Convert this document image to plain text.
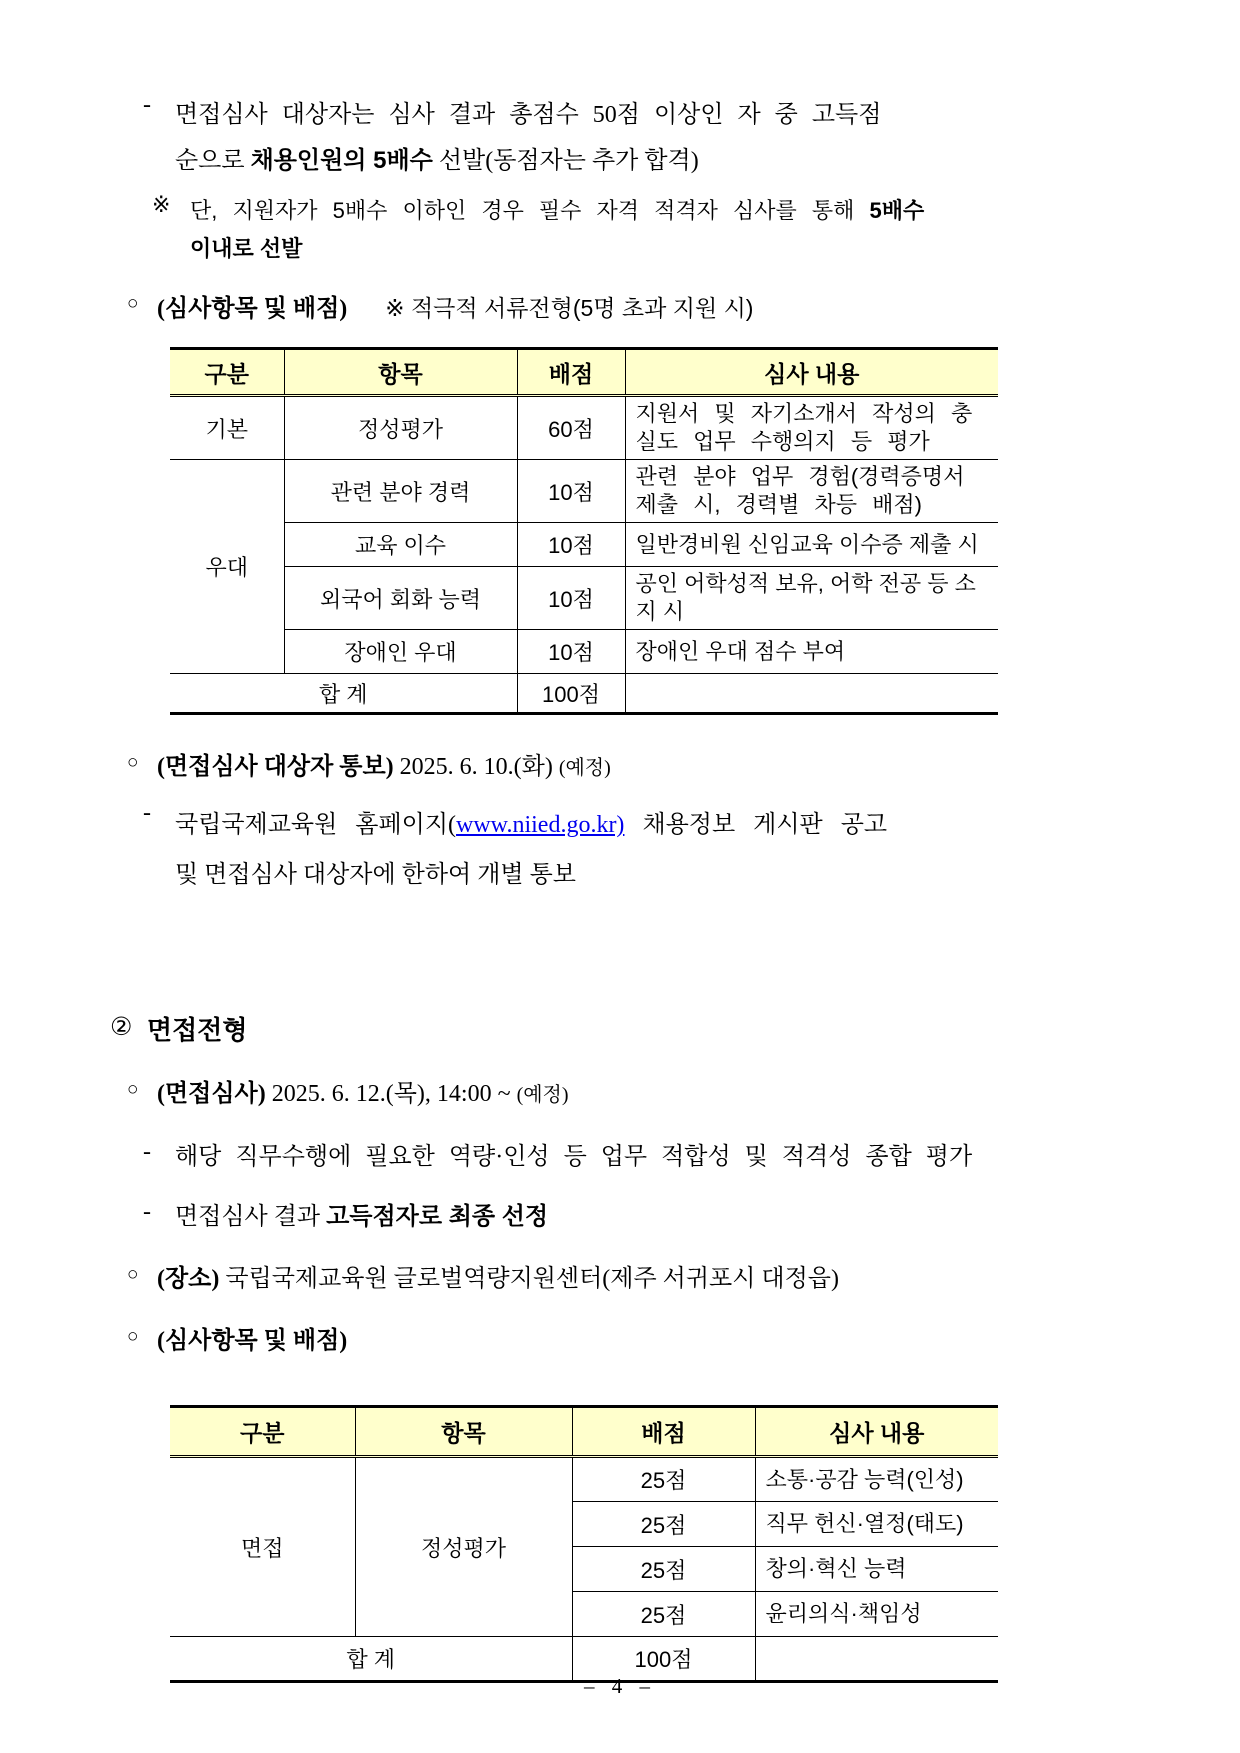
-	면접심사 대상자는 심사 결과 총점수 50점 이상인 자 중 고득점
순으로 채용인원의 5배수 선발(동점자는 추가 합격)
※ 단, 지원자가 5배수 이하인 경우 필수 자격 적격자 심사를 통해 5배수
이내로 선발
○ (심사항목 및 배점) ※ 적극적 서류전형(5명 초과 지원 시)
구분	항목	배점	심사 내용
기본	정성평가	60점	지원서 및 자기소개서 작성의 충실도 업무 수행의지 등 평가
우대	관련 분야 경력	10점	관련 분야 업무 경험(경력증명서 제출 시, 경력별 차등 배점)
	교육 이수	10점	일반경비원 신임교육 이수증 제출 시
	외국어 회화 능력	10점	공인 어학성적 보유, 어학 전공 등 소지 시
	장애인 우대	10점	장애인 우대 점수 부여
합 계		100점	
○ (면접심사 대상자 통보) 2025. 6. 10.(화) (예정)
-	국립국제교육원 홈페이지(www.niied.go.kr) 채용정보 게시판 공고
및 면접심사 대상자에 한하여 개별 통보
② 면접전형
○ (면접심사) 2025. 6. 12.(목), 14:00 ~ (예정)
-	해당 직무수행에 필요한 역량·인성 등 업무 적합성 및 적격성 종합 평가
-	면접심사 결과 고득점자로 최종 선정
○ (장소) 국립국제교육원 글로벌역량지원센터(제주 서귀포시 대정읍)
○ (심사항목 및 배점)
구분	항목	배점	심사 내용
면접	정성평가	25점	소통·공감 능력(인성)
		25점	직무 헌신·열정(태도)
		25점	창의·혁신 능력
		25점	윤리의식·책임성
합 계		100점	
– 4 –
